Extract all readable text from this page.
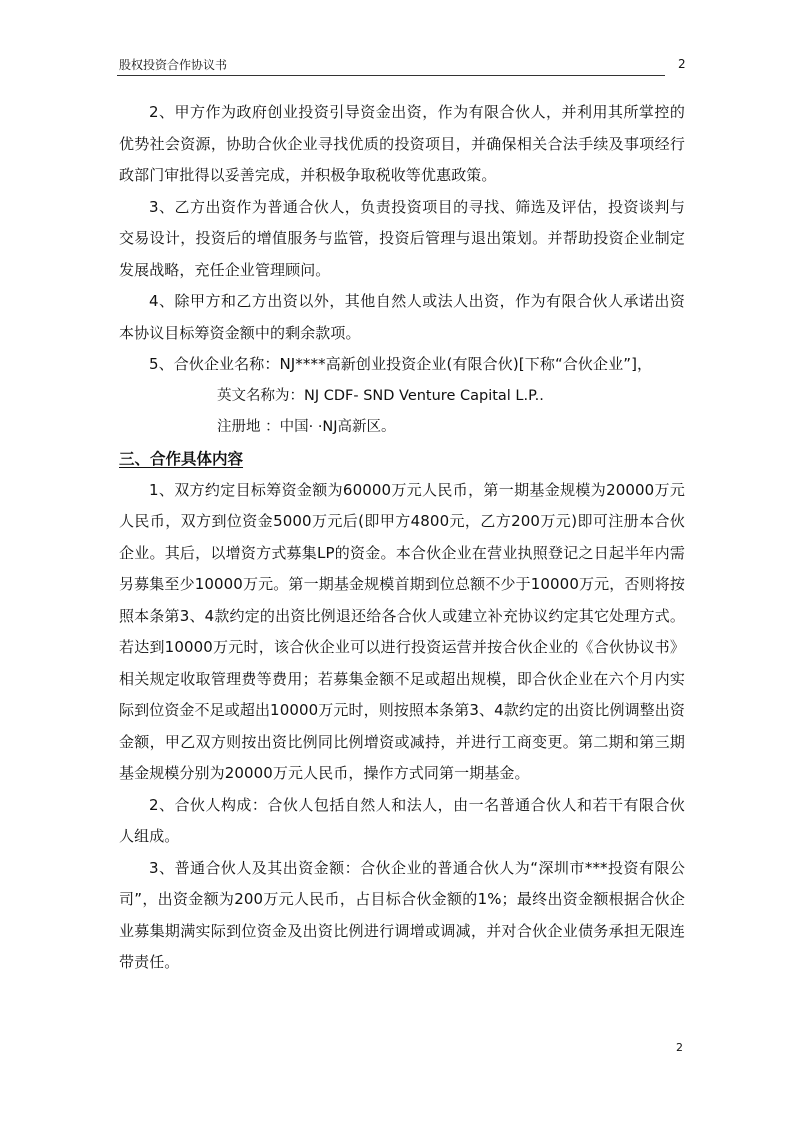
股权投资合作协议书	2

2、甲方作为政府创业投资引导资金出资，作为有限合伙人，并利用其所掌控的优势社会资源，协助合伙企业寻找优质的投资项目，并确保相关合法手续及事项经行政部门审批得以妥善完成，并积极争取税收等优惠政策。

3、乙方出资作为普通合伙人，负责投资项目的寻找、筛选及评估，投资谈判与交易设计，投资后的增值服务与监管，投资后管理与退出策划。并帮助投资企业制定发展战略，充任企业管理顾问。

4、除甲方和乙方出资以外，其他自然人或法人出资，作为有限合伙人承诺出资本协议目标筹资金额中的剩余款项。

5、合伙企业名称：NJ****高新创业投资企业(有限合伙)[下称“合伙企业”]，

英文名称为：NJ CDF- SND Venture Capital L.P..

注册地 ：中国· ·NJ高新区。

三、合作具体内容

1、双方约定目标筹资金额为60000万元人民币，第一期基金规模为20000万元人民币，双方到位资金5000万元后(即甲方4800元，乙方200万元)即可注册本合伙企业。其后，以增资方式募集LP的资金。本合伙企业在营业执照登记之日起半年内需另募集至少10000万元。第一期基金规模首期到位总额不少于10000万元，否则将按照本条第3、4款约定的出资比例退还给各合伙人或建立补充协议约定其它处理方式。 若达到10000万元时，该合伙企业可以进行投资运营并按合伙企业的《合伙协议书》相关规定收取管理费等费用；若募集金额不足或超出规模，即合伙企业在六个月内实际到位资金不足或超出10000万元时，则按照本条第3、4款约定的出资比例调整出资金额，甲乙双方则按出资比例同比例增资或减持，并进行工商变更。第二期和第三期基金规模分别为20000万元人民币，操作方式同第一期基金。

2、合伙人构成：合伙人包括自然人和法人，由一名普通合伙人和若干有限合伙人组成。

3、普通合伙人及其出资金额：合伙企业的普通合伙人为“深圳市***投资有限公司”，出资金额为200万元人民币，占目标合伙金额的1%；最终出资金额根据合伙企业募集期满实际到位资金及出资比例进行调增或调减，并对合伙企业债务承担无限连带责任。

2
